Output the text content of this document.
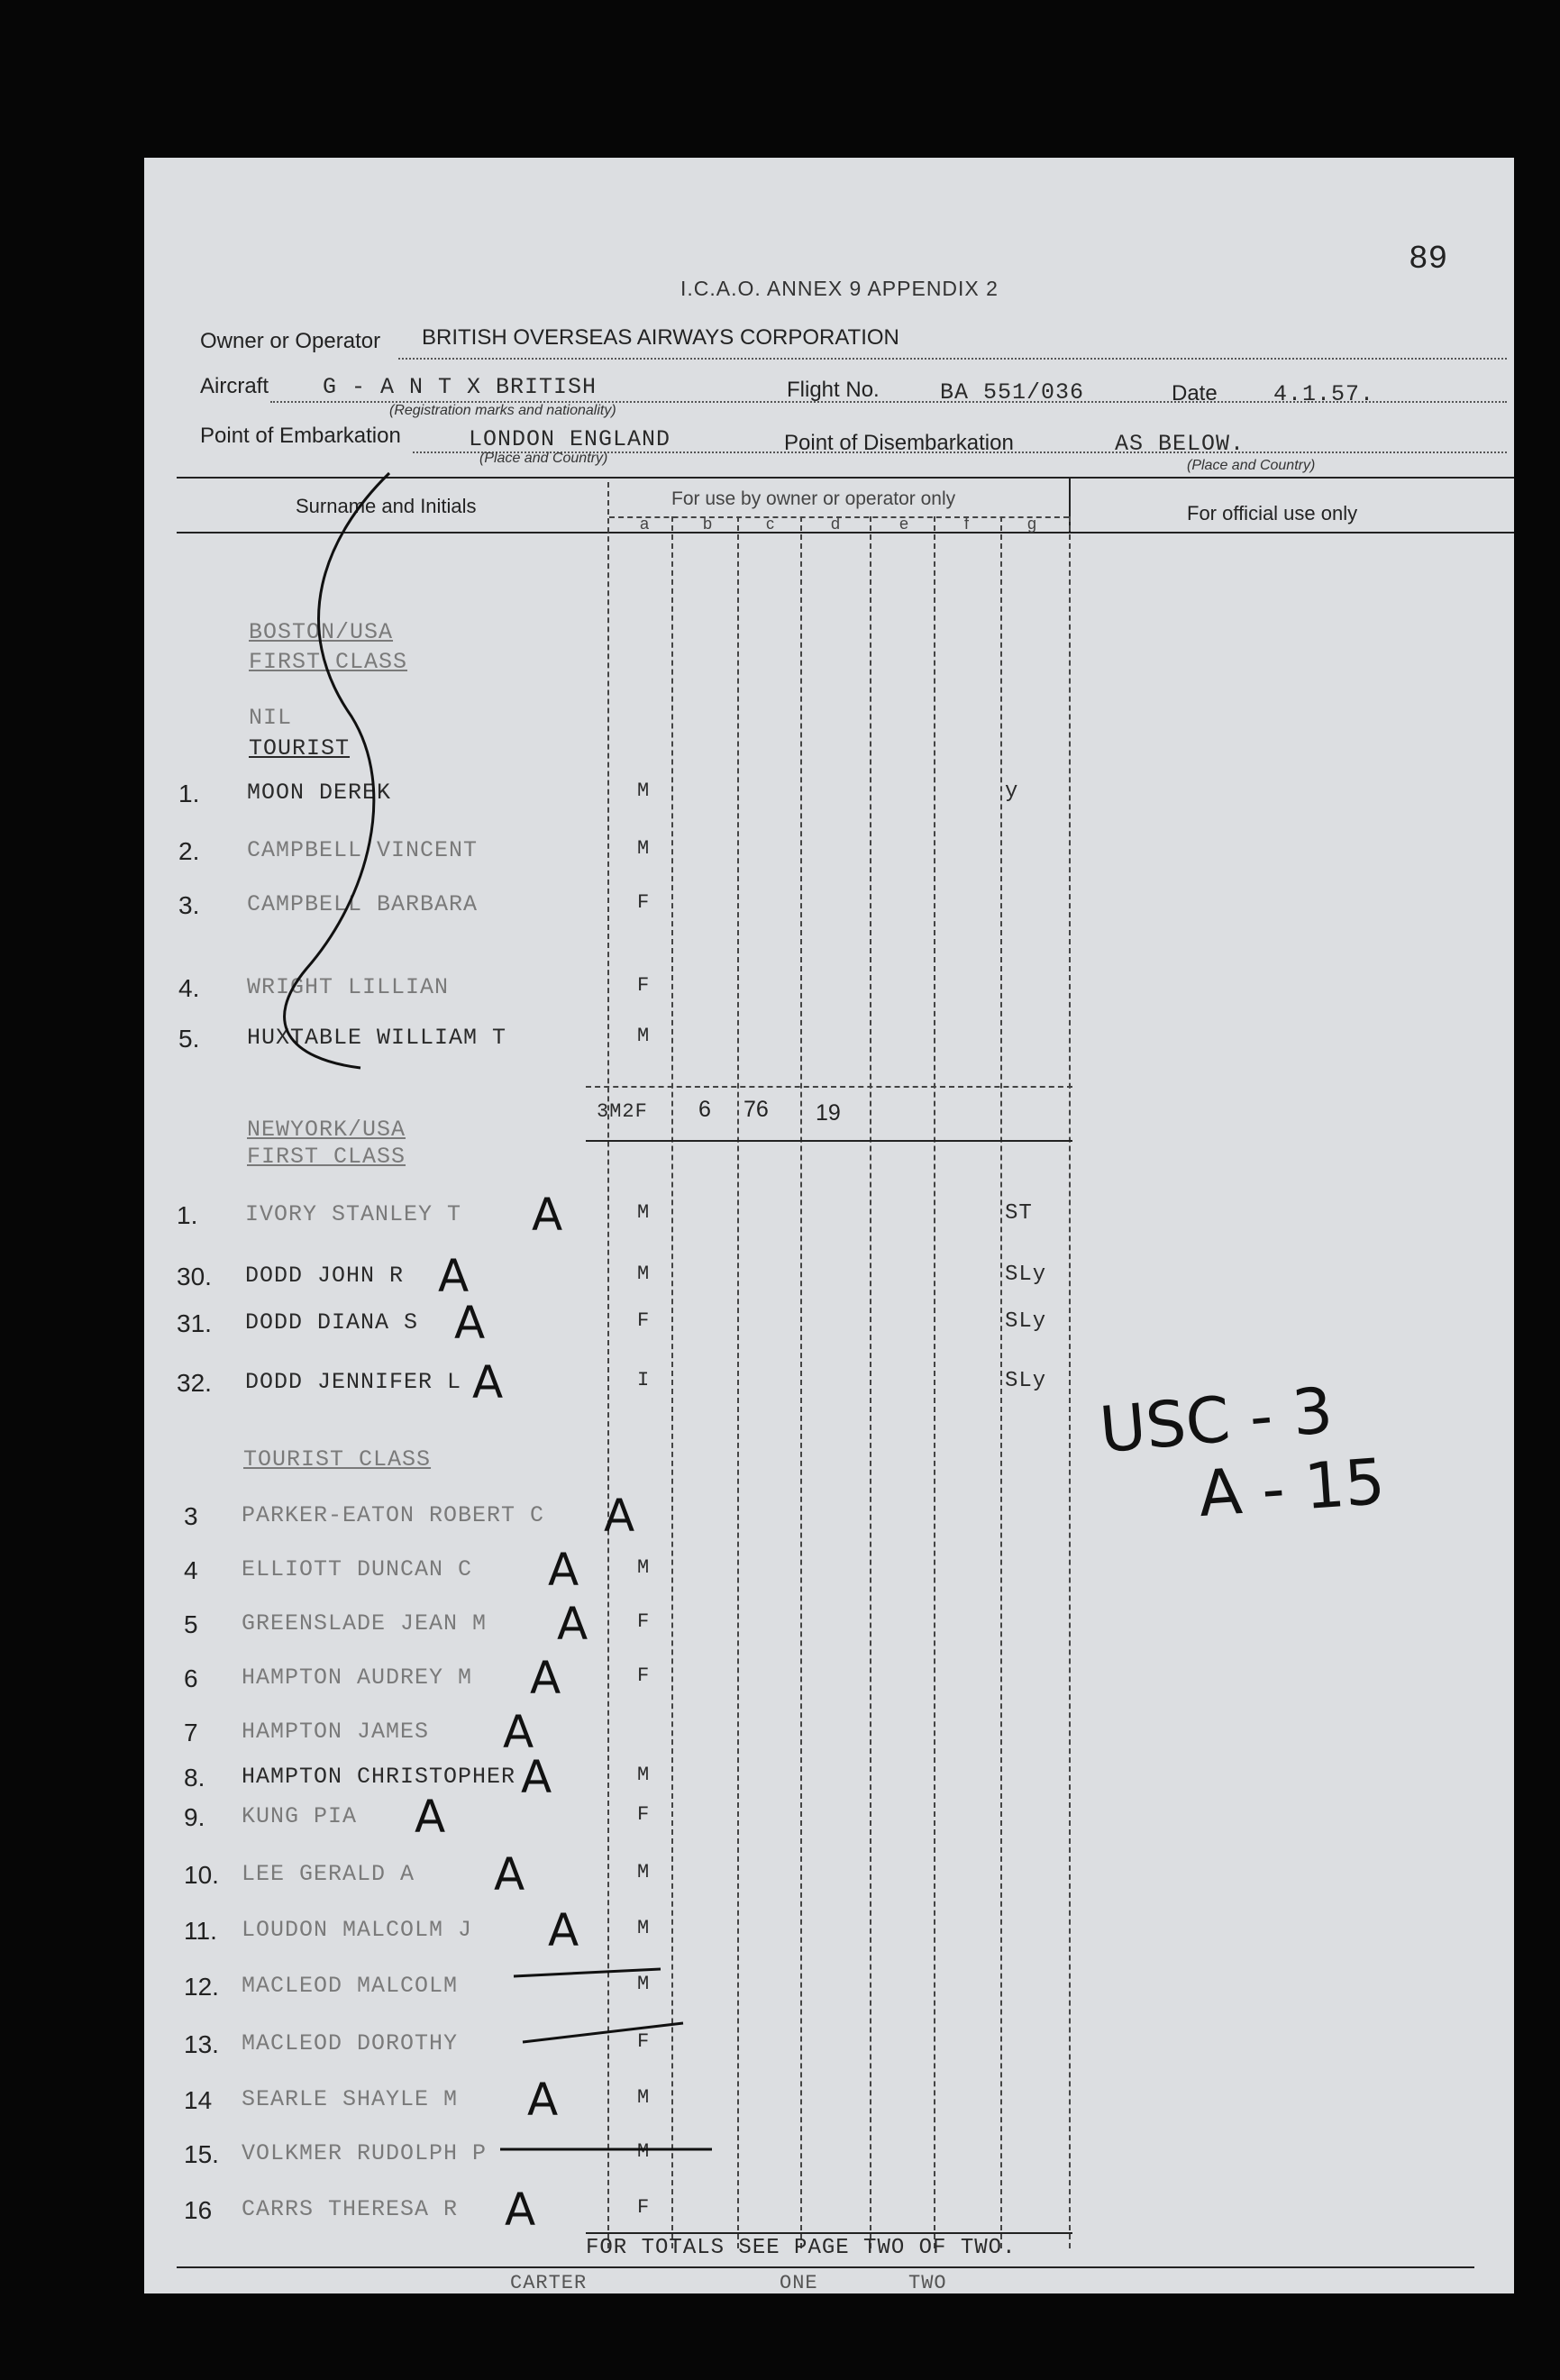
89
I.C.A.O. ANNEX 9 APPENDIX 2
Owner or Operator BRITISH OVERSEAS AIRWAYS CORPORATION
Aircraft G - A N T X BRITISH
(Registration marks and nationality)
Flight No.	BA 551/036	Date 4.1.57.
Point of Embarkation	LONDON ENGLAND
(Place and Country)
Point of Disembarkation	AS BELOW.
(Place and Country)
Surname and Initials	For use by owner or operator only
For official use only
a	b	c	d	e	f	g
BOSTON/USA
FIRST CLASS
NIL
TOURIST
1. MOON DEREK	M	y
2. CAMPBELL VINCENT	M
3. CAMPBELL BARBARA	F
4. WRIGHT LILLIAN	F
5. HUXTABLE WILLIAM T	M
3M2F 6 76 19
NEWYORK/USA
FIRST CLASS
1. IVORY STANLEY T	M	ST
A
30. DODD JOHN R	M	SLy
A
31. DODD DIANA S	F	SLy
A
32. DODD JENNIFER L	I	SLy
A
TOURIST CLASS
3 PARKER-EATON ROBERT C A
4 ELLIOTT DUNCAN C	M
A
5 GREENSLADE JEAN M	F
A
6 HAMPTON AUDREY M	F
A
7 HAMPTON JAMES A
8. HAMPTON CHRISTOPHER	M
A
9. KUNG PIA	F
A
10. LEE GERALD A	M
A
11. LOUDON MALCOLM J	M
A
12. MACLEOD MALCOLM	M
13. MACLEOD DOROTHY	F
14 SEARLE SHAYLE M	M
A
15. VOLKMER RUDOLPH P	M
16 CARRS THERESA R	F
A
FOR TOTALS SEE PAGE TWO OF TWO.
CARTER	ONE	TWO
USC - 3
A - 15
